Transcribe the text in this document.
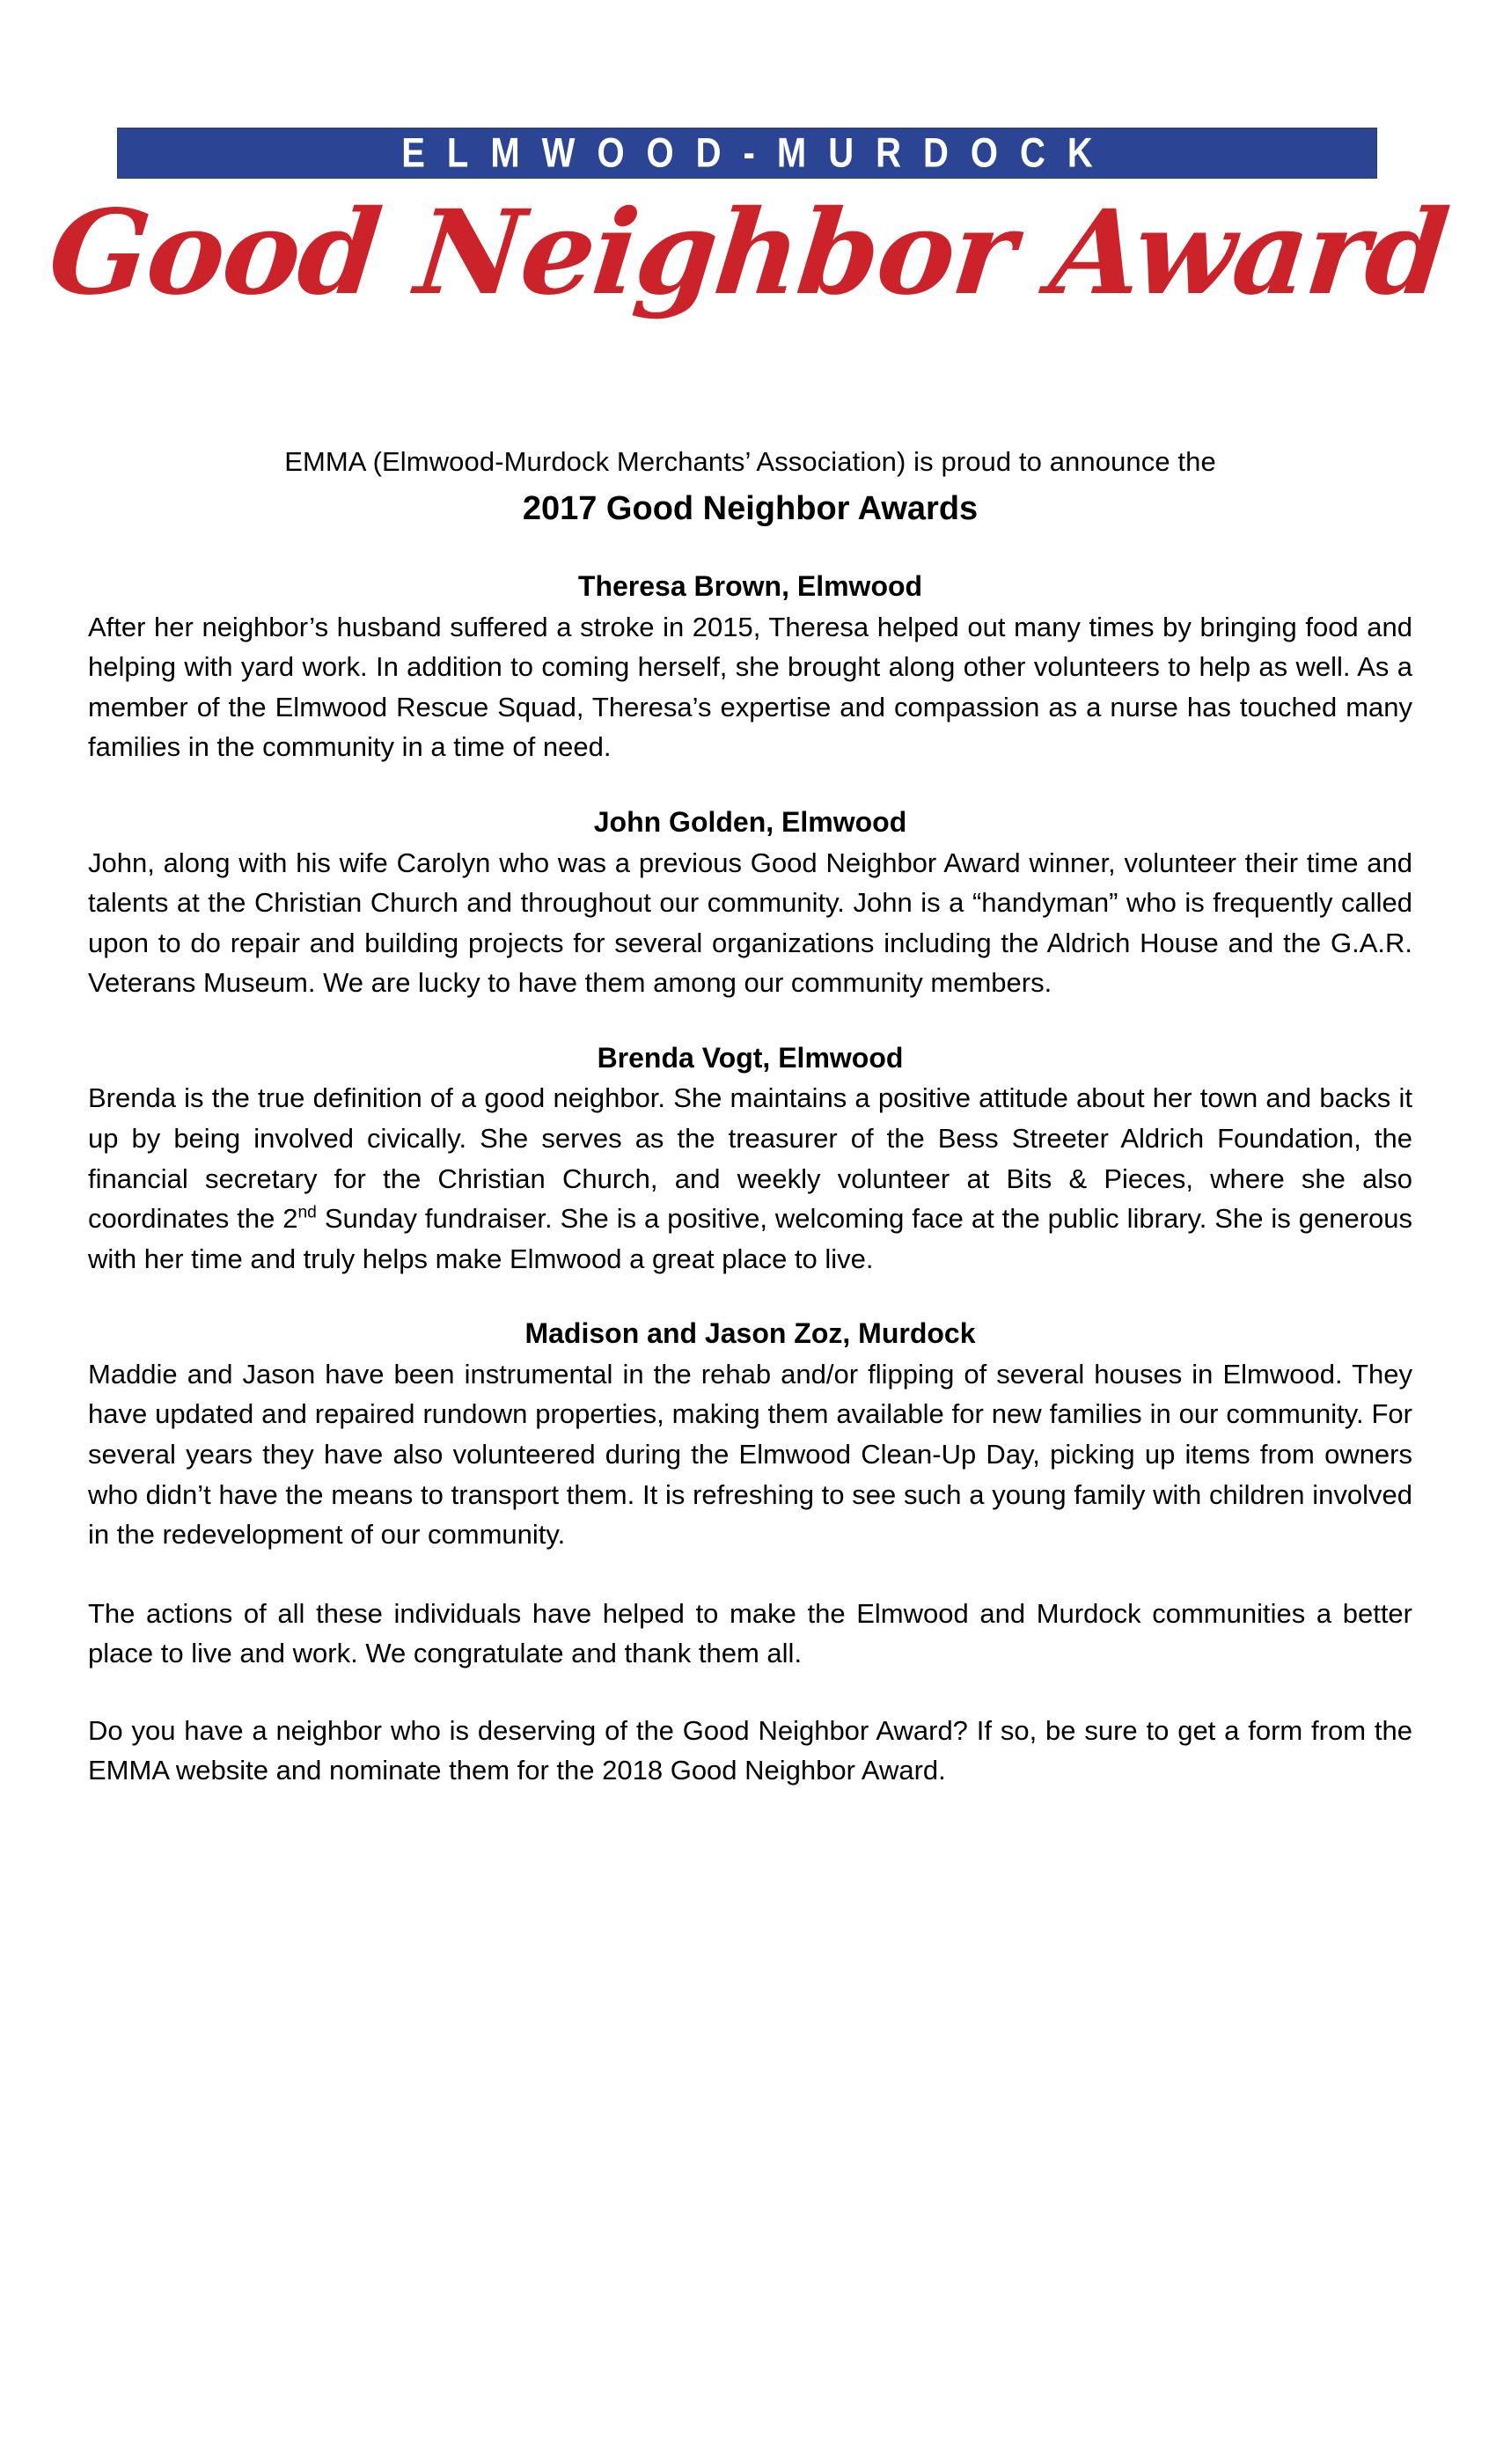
ELMWOOD-MURDOCK
Good Neighbor Award

EMMA (Elmwood-Murdock Merchants’ Association) is proud to announce the

2017 Good Neighbor Awards

Theresa Brown, Elmwood

After her neighbor’s husband suffered a stroke in 2015, Theresa helped out many times by bringing food and helping with yard work. In addition to coming herself, she brought along other volunteers to help as well. As a member of the Elmwood Rescue Squad, Theresa’s expertise and compassion as a nurse has touched many families in the community in a time of need.

John Golden, Elmwood

John, along with his wife Carolyn who was a previous Good Neighbor Award winner, volunteer their time and talents at the Christian Church and throughout our community. John is a “handyman” who is frequently called upon to do repair and building projects for several organizations including the Aldrich House and the G.A.R. Veterans Museum. We are lucky to have them among our community members.

Brenda Vogt, Elmwood

Brenda is the true definition of a good neighbor. She maintains a positive attitude about her town and backs it up by being involved civically. She serves as the treasurer of the Bess Streeter Aldrich Foundation, the financial secretary for the Christian Church, and weekly volunteer at Bits & Pieces, where she also coordinates the 2nd Sunday fundraiser. She is a positive, welcoming face at the public library. She is generous with her time and truly helps make Elmwood a great place to live.

Madison and Jason Zoz, Murdock

Maddie and Jason have been instrumental in the rehab and/or flipping of several houses in Elmwood. They have updated and repaired rundown properties, making them available for new families in our community. For several years they have also volunteered during the Elmwood Clean-Up Day, picking up items from owners who didn’t have the means to transport them. It is refreshing to see such a young family with children involved in the redevelopment of our community.

The actions of all these individuals have helped to make the Elmwood and Murdock communities a better place to live and work. We congratulate and thank them all.

Do you have a neighbor who is deserving of the Good Neighbor Award? If so, be sure to get a form from the EMMA website and nominate them for the 2018 Good Neighbor Award.
